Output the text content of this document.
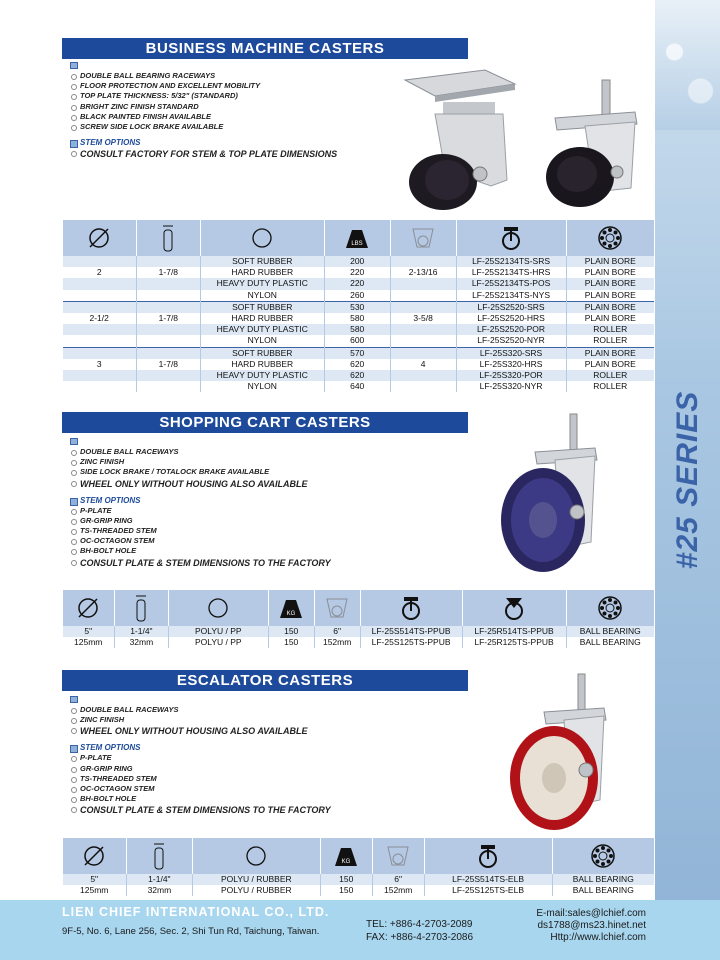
#25 SERIES
BUSINESS MACHINE CASTERS
DOUBLE BALL BEARING RACEWAYS
FLOOR PROTECTION AND EXCELLENT MOBILITY
TOP PLATE THICKNESS: 5/32" (STANDARD)
BRIGHT ZINC FINISH STANDARD
BLACK PAINTED FINISH AVAILABLE
SCREW SIDE LOCK BRAKE AVAILABLE
STEM OPTIONS
CONSULT FACTORY FOR STEM & TOP PLATE DIMENSIONS

LBS

		SOFT RUBBER	200		LF-25S2134TS-SRS	PLAIN BORE
2	1-7/8	HARD RUBBER	220	2-13/16	LF-25S2134TS-HRS	PLAIN BORE
		HEAVY DUTY PLASTIC	220		LF-25S2134TS-POS	PLAIN BORE
		NYLON	260		LF-25S2134TS-NYS	PLAIN BORE
		SOFT RUBBER	530		LF-25S2520-SRS	PLAIN BORE
2-1/2	1-7/8	HARD RUBBER	580	3-5/8	LF-25S2520-HRS	PLAIN BORE
		HEAVY DUTY PLASTIC	580		LF-25S2520-POR	ROLLER
		NYLON	600		LF-25S2520-NYR	ROLLER
		SOFT RUBBER	570		LF-25S320-SRS	PLAIN BORE
3	1-7/8	HARD RUBBER	620	4	LF-25S320-HRS	PLAIN BORE
		HEAVY DUTY PLASTIC	620		LF-25S320-POR	ROLLER
		NYLON	640		LF-25S320-NYR	ROLLER
SHOPPING CART CASTERS
DOUBLE BALL RACEWAYS
ZINC FINISH
SIDE LOCK BRAKE / TOTALOCK BRAKE AVAILABLE
WHEEL ONLY WITHOUT HOUSING ALSO AVAILABLE
STEM OPTIONS
P-PLATE
GR-GRIP RING
TS-THREADED STEM
OC-OCTAGON STEM
BH-BOLT HOLE
CONSULT PLATE & STEM DIMENSIONS TO THE FACTORY

KG

5"	1-1/4"	POLYU / PP	150	6"	LF-25S514TS-PPUB	LF-25R514TS-PPUB	BALL BEARING
125mm	32mm	POLYU / PP	150	152mm	LF-25S125TS-PPUB	LF-25R125TS-PPUB	BALL BEARING
ESCALATOR CASTERS
DOUBLE BALL RACEWAYS
ZINC FINISH
WHEEL ONLY WITHOUT HOUSING ALSO AVAILABLE
STEM OPTIONS
P-PLATE
GR-GRIP RING
TS-THREADED STEM
OC-OCTAGON STEM
BH-BOLT HOLE
CONSULT PLATE & STEM DIMENSIONS TO THE FACTORY

KG

5"	1-1/4"	POLYU / RUBBER	150	6"	LF-25S514TS-ELB	BALL BEARING
125mm	32mm	POLYU / RUBBER	150	152mm	LF-25S125TS-ELB	BALL BEARING
LIEN CHIEF INTERNATIONAL CO., LTD.
9F-5, No. 6, Lane 256, Sec. 2, Shi Tun Rd, Taichung, Taiwan.
TEL: +886-4-2703-2089
FAX: +886-4-2703-2086
E-mail:sales@lchief.com
ds1788@ms23.hinet.net
Http://www.lchief.com
